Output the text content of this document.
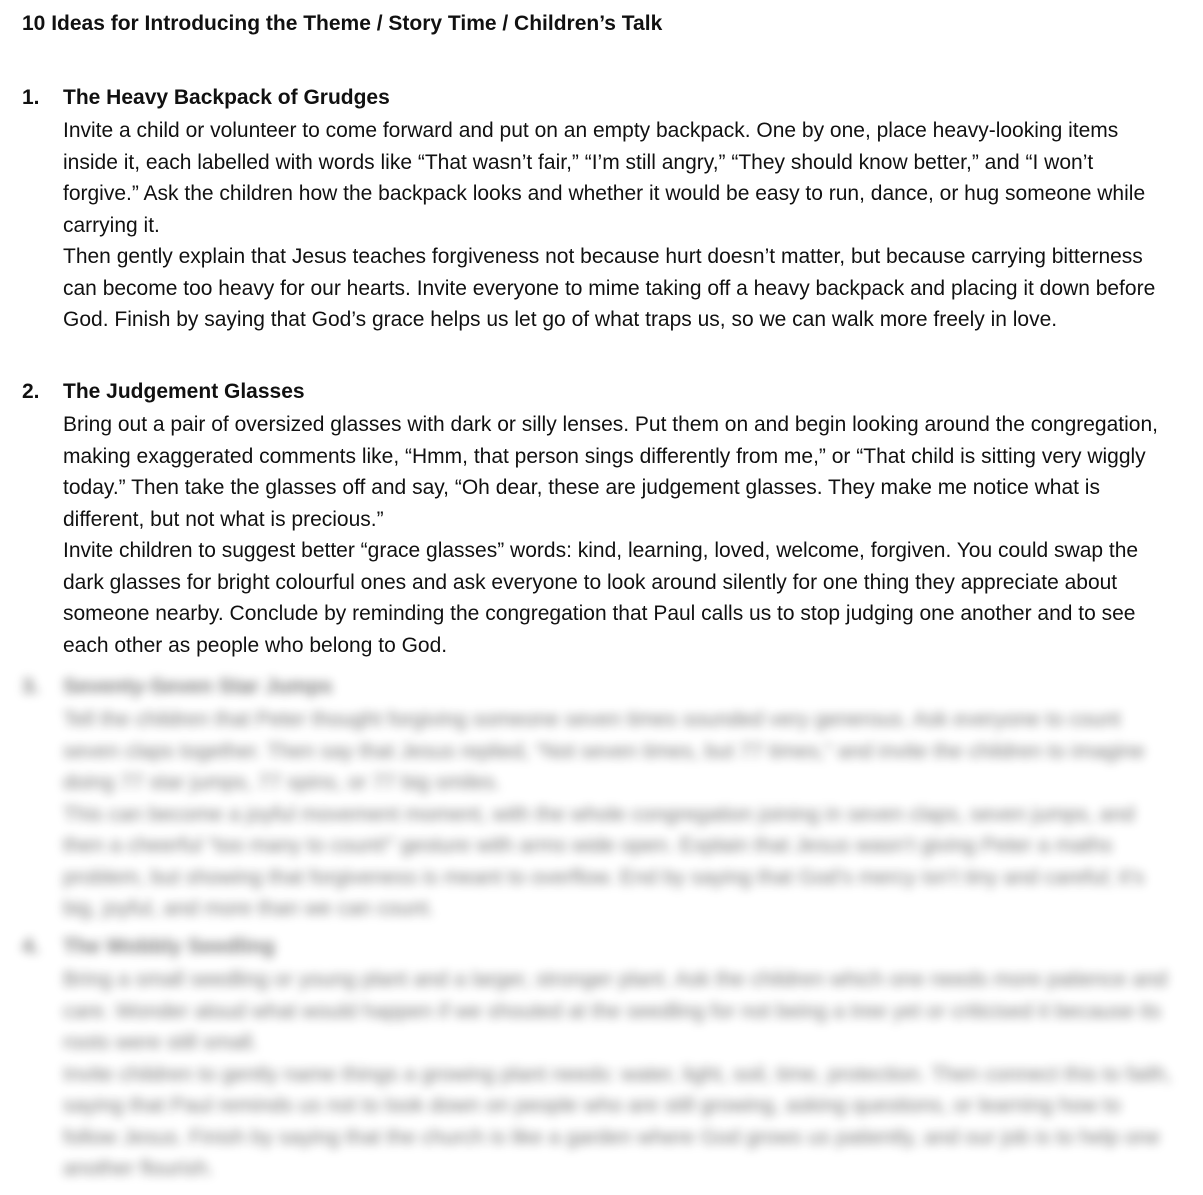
10 Ideas for Introducing the Theme / Story Time / Children’s Talk
1. The Heavy Backpack of Grudges

Invite a child or volunteer to come forward and put on an empty backpack. One by one, place heavy-looking items inside it, each labelled with words like “That wasn’t fair,” “I’m still angry,” “They should know better,” and “I won’t forgive.” Ask the children how the backpack looks and whether it would be easy to run, dance, or hug someone while carrying it.

Then gently explain that Jesus teaches forgiveness not because hurt doesn’t matter, but because carrying bitterness can become too heavy for our hearts. Invite everyone to mime taking off a heavy backpack and placing it down before God. Finish by saying that God’s grace helps us let go of what traps us, so we can walk more freely in love.

2. The Judgement Glasses

Bring out a pair of oversized glasses with dark or silly lenses. Put them on and begin looking around the congregation, making exaggerated comments like, “Hmm, that person sings differently from me,” or “That child is sitting very wiggly today.” Then take the glasses off and say, “Oh dear, these are judgement glasses. They make me notice what is different, but not what is precious.”

Invite children to suggest better “grace glasses” words: kind, learning, loved, welcome, forgiven. You could swap the dark glasses for bright colourful ones and ask everyone to look around silently for one thing they appreciate about someone nearby. Conclude by reminding the congregation that Paul calls us to stop judging one another and to see each other as people who belong to God.

3. Seventy-Seven Star Jumps

Tell the children that Peter thought forgiving someone seven times sounded very generous. Ask everyone to count seven claps together. Then say that Jesus replied, “Not seven times, but 77 times,” and invite the children to imagine doing 77 star jumps, 77 spins, or 77 big smiles.

This can become a joyful movement moment, with the whole congregation joining in seven claps, seven jumps, and then a cheerful “too many to count!” gesture with arms wide open. Explain that Jesus wasn’t giving Peter a maths problem, but showing that forgiveness is meant to overflow. End by saying that God’s mercy isn’t tiny and careful; it’s big, joyful, and more than we can count.

4. The Wobbly Seedling

Bring a small seedling or young plant and a larger, stronger plant. Ask the children which one needs more patience and care. Wonder aloud what would happen if we shouted at the seedling for not being a tree yet or criticised it because its roots were still small.

Invite children to gently name things a growing plant needs: water, light, soil, time, protection. Then connect this to faith, saying that Paul reminds us not to look down on people who are still growing, asking questions, or learning how to follow Jesus. Finish by saying that the church is like a garden where God grows us patiently, and our job is to help one another flourish.
